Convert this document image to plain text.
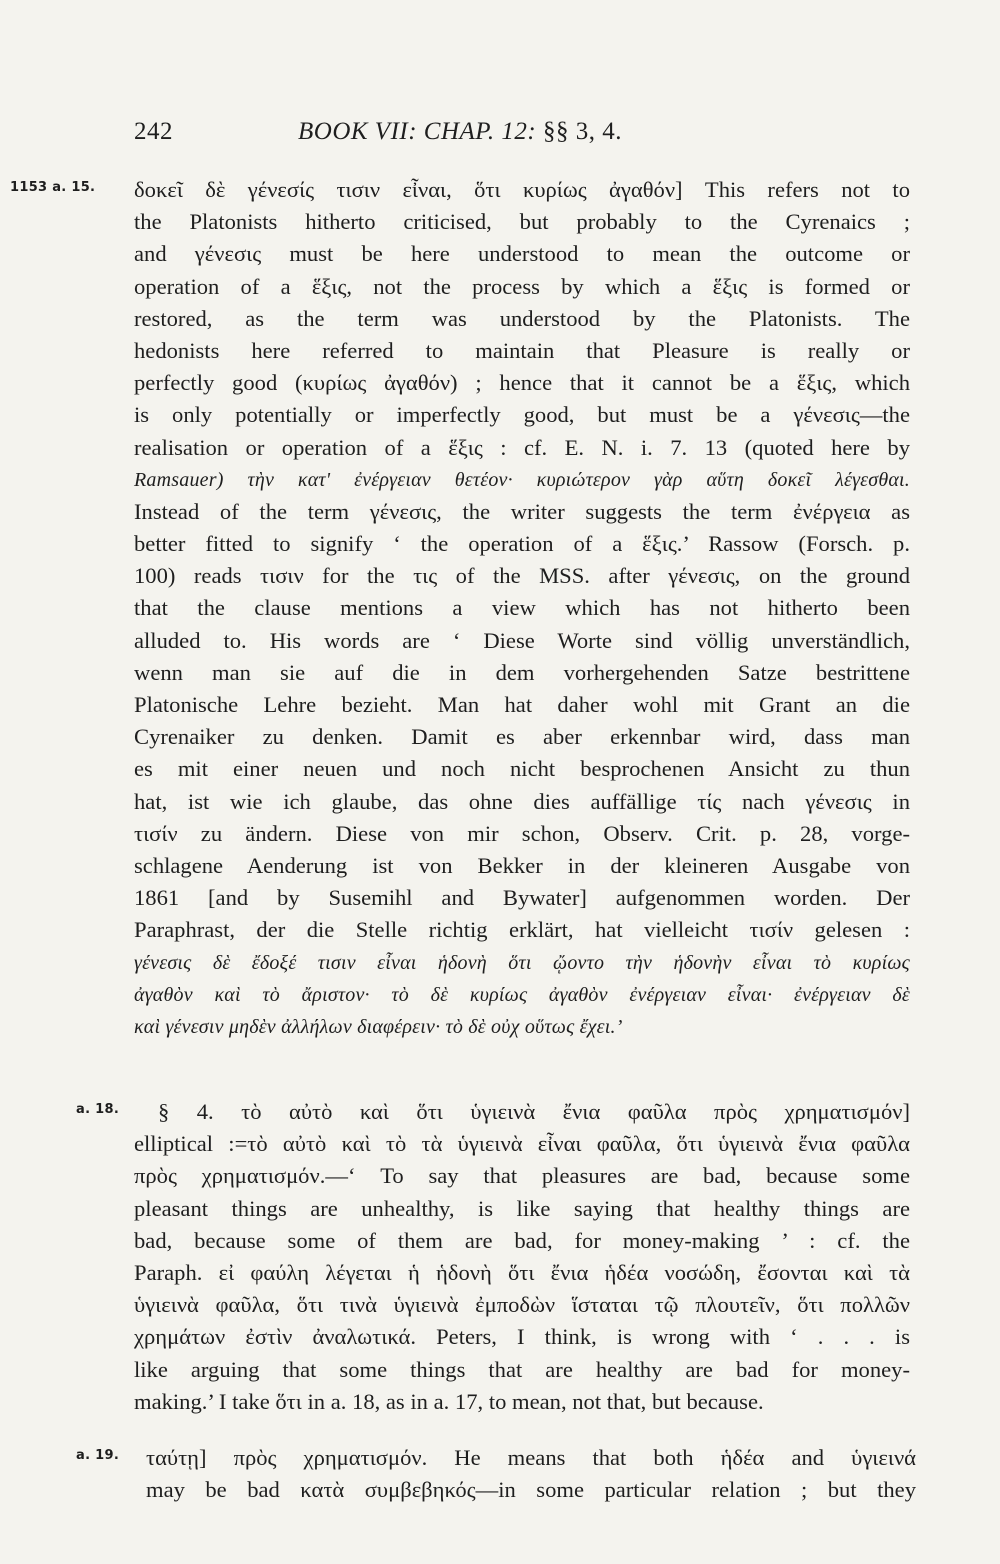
242	BOOK VII: CHAP. 12: §§ 3, 4.
1153 a. 15. δοκεῖ δὲ γένεσίς τισιν εἶναι, ὅτι κυρίως ἀγαθόν] This refers not to
the Platonists hitherto criticised, but probably to the Cyrenaics ;
and γένεσις must be here understood to mean the outcome or
operation of a ἕξις, not the process by which a ἕξις is formed or
restored, as the term was understood by the Platonists. The
hedonists here referred to maintain that Pleasure is really or
perfectly good (κυρίως ἀγαθόν) ; hence that it cannot be a ἕξις, which
is only potentially or imperfectly good, but must be a γένεσις—the
realisation or operation of a ἕξις : cf. E. N. i. 7. 13 (quoted here by
Ramsauer) τὴν κατ' ἐνέργειαν θετέον· κυριώτερον γὰρ αὕτη δοκεῖ λέγεσθαι.
Instead of the term γένεσις, the writer suggests the term ἐνέργεια as
better fitted to signify ‘ the operation of a ἕξις.’ Rassow (Forsch. p.
100) reads τισιν for the τις of the MSS. after γένεσις, on the ground
that the clause mentions a view which has not hitherto been
alluded to. His words are ‘ Diese Worte sind völlig unverständlich,
wenn man sie auf die in dem vorhergehenden Satze bestrittene
Platonische Lehre bezieht. Man hat daher wohl mit Grant an die
Cyrenaiker zu denken. Damit es aber erkennbar wird, dass man
es mit einer neuen und noch nicht besprochenen Ansicht zu thun
hat, ist wie ich glaube, das ohne dies auffällige τίς nach γένεσις in
τισίν zu ändern. Diese von mir schon, Observ. Crit. p. 28, vorge-
schlagene Aenderung ist von Bekker in der kleineren Ausgabe von
1861 [and by Susemihl and Bywater] aufgenommen worden. Der
Paraphrast, der die Stelle richtig erklärt, hat vielleicht τισίν gelesen :
γένεσις δὲ ἔδοξέ τισιν εἶναι ἡδονὴ ὅτι ᾤοντο τὴν ἡδονὴν εἶναι τὸ κυρίως
ἀγαθὸν καὶ τὸ ἄριστον· τὸ δὲ κυρίως ἀγαθὸν ἐνέργειαν εἶναι· ἐνέργειαν δὲ
καὶ γένεσιν μηδὲν ἀλλήλων διαφέρειν· τὸ δὲ οὐχ οὕτως ἔχει.’
a. 18.	§ 4. τὸ αὐτὸ καὶ ὅτι ὑγιεινὰ ἔνια φαῦλα πρὸς χρηματισμόν]
elliptical :=τὸ αὐτὸ καὶ τὸ τὰ ὑγιεινὰ εἶναι φαῦλα, ὅτι ὑγιεινὰ ἔνια φαῦλα
πρὸς χρηματισμόν.—‘ To say that pleasures are bad, because some
pleasant things are unhealthy, is like saying that healthy things are
bad, because some of them are bad, for money-making ’ : cf. the
Paraph. εἰ φαύλη λέγεται ἡ ἡδονὴ ὅτι ἔνια ἡδέα νοσώδη, ἔσονται καὶ τὰ
ὑγιεινὰ φαῦλα, ὅτι τινὰ ὑγιεινὰ ἐμποδὼν ἵσταται τῷ πλουτεῖν, ὅτι πολλῶν
χρημάτων ἐστὶν ἀναλωτικά. Peters, I think, is wrong with ‘ . . . is
like arguing that some things that are healthy are bad for money-
making.’ I take ὅτι in a. 18, as in a. 17, to mean, not that, but because.
a. 19. ταύτῃ] πρὸς χρηματισμόν. He means that both ἡδέα and ὑγιεινά
may be bad κατὰ συμβεβηκός—in some particular relation ; but they
